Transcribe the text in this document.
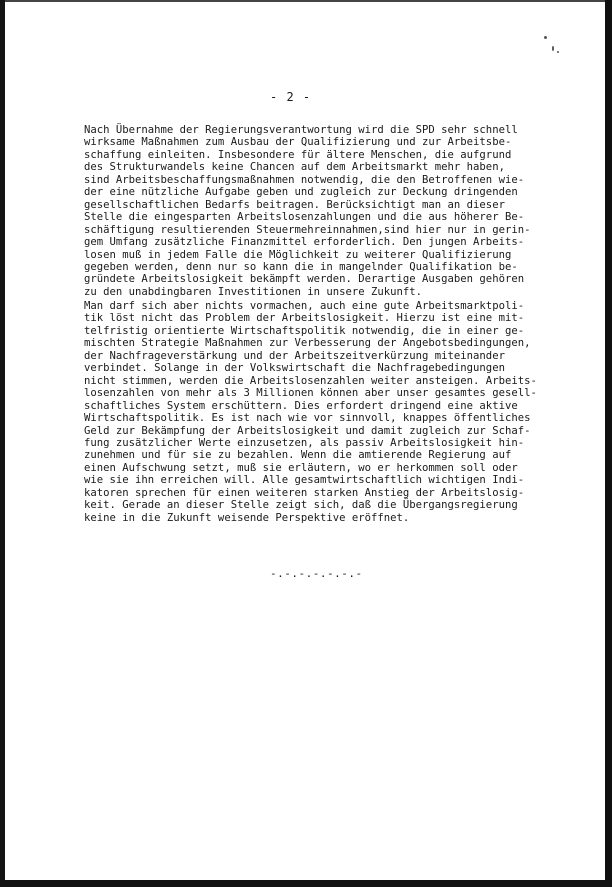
- 2 -
Nach Übernahme der Regierungsverantwortung wird die SPD sehr schnell
wirksame Maßnahmen zum Ausbau der Qualifizierung und zur Arbeitsbe-
schaffung einleiten. Insbesondere für ältere Menschen, die aufgrund
des Strukturwandels keine Chancen auf dem Arbeitsmarkt mehr haben,
sind Arbeitsbeschaffungsmaßnahmen notwendig, die den Betroffenen wie-
der eine nützliche Aufgabe geben und zugleich zur Deckung dringenden
gesellschaftlichen Bedarfs beitragen. Berücksichtigt man an dieser
Stelle die eingesparten Arbeitslosenzahlungen und die aus höherer Be-
schäftigung resultierenden Steuermehreinnahmen,sind hier nur in gerin-
gem Umfang zusätzliche Finanzmittel erforderlich. Den jungen Arbeits-
losen muß in jedem Falle die Möglichkeit zu weiterer Qualifizierung
gegeben werden, denn nur so kann die in mangelnder Qualifikation be-
gründete Arbeitslosigkeit bekämpft werden. Derartige Ausgaben gehören
zu den unabdingbaren Investitionen in unsere Zukunft.
Man darf sich aber nichts vormachen, auch eine gute Arbeitsmarktpoli-
tik löst nicht das Problem der Arbeitslosigkeit. Hierzu ist eine mit-
telfristig orientierte Wirtschaftspolitik notwendig, die in einer ge-
mischten Strategie Maßnahmen zur Verbesserung der Angebotsbedingungen,
der Nachfrageverstärkung und der Arbeitszeitverkürzung miteinander
verbindet. Solange in der Volkswirtschaft die Nachfragebedingungen
nicht stimmen, werden die Arbeitslosenzahlen weiter ansteigen. Arbeits-
losenzahlen von mehr als 3 Millionen können aber unser gesamtes gesell-
schaftliches System erschüttern. Dies erfordert dringend eine aktive
Wirtschaftspolitik. Es ist nach wie vor sinnvoll, knappes öffentliches
Geld zur Bekämpfung der Arbeitslosigkeit und damit zugleich zur Schaf-
fung zusätzlicher Werte einzusetzen, als passiv Arbeitslosigkeit hin-
zunehmen und für sie zu bezahlen. Wenn die amtierende Regierung auf
einen Aufschwung setzt, muß sie erläutern, wo er herkommen soll oder
wie sie ihn erreichen will. Alle gesamtwirtschaftlich wichtigen Indi-
katoren sprechen für einen weiteren starken Anstieg der Arbeitslosig-
keit. Gerade an dieser Stelle zeigt sich, daß die Übergangsregierung
keine in die Zukunft weisende Perspektive eröffnet.
-.-.-.-.-.-.-
